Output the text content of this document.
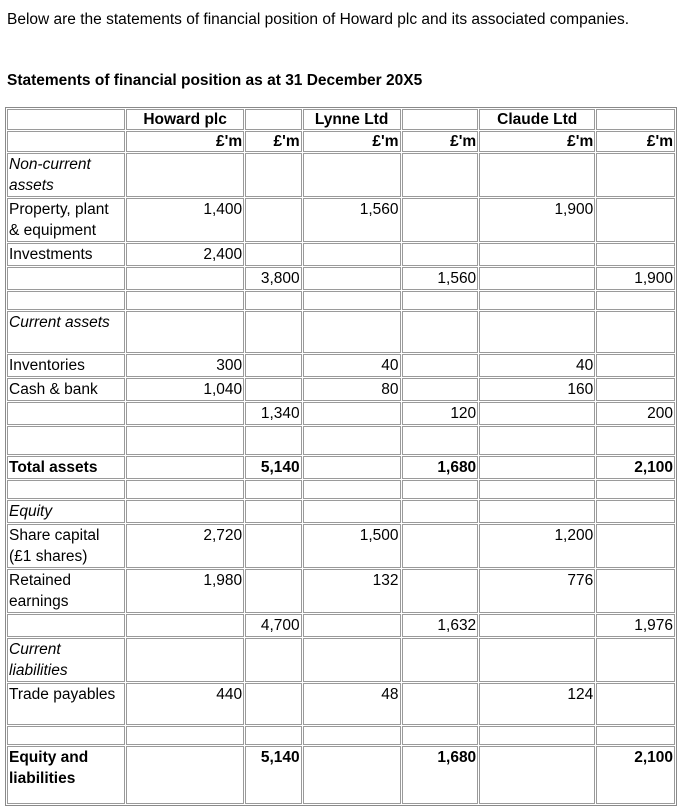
Below are the statements of financial position of Howard plc and its associated companies.

Statements of financial position as at 31 December 20X5

	Howard plc		Lynne Ltd		Claude Ltd	
	£'m	£'m	£'m	£'m	£'m	£'m
Non-current assets						
Property, plant & equipment	1,400		1,560		1,900	
Investments	2,400					
		3,800		1,560		1,900

Current assets						
Inventories	300		40		40	
Cash & bank	1,040		80		160	
		1,340		120		200

Total assets		5,140		1,680		2,100

Equity						
Share capital (£1 shares)	2,720		1,500		1,200	
Retained earnings	1,980		132		776	
		4,700		1,632		1,976
Current liabilities						
Trade payables	440		48		124	

Equity and liabilities		5,140		1,680		2,100
